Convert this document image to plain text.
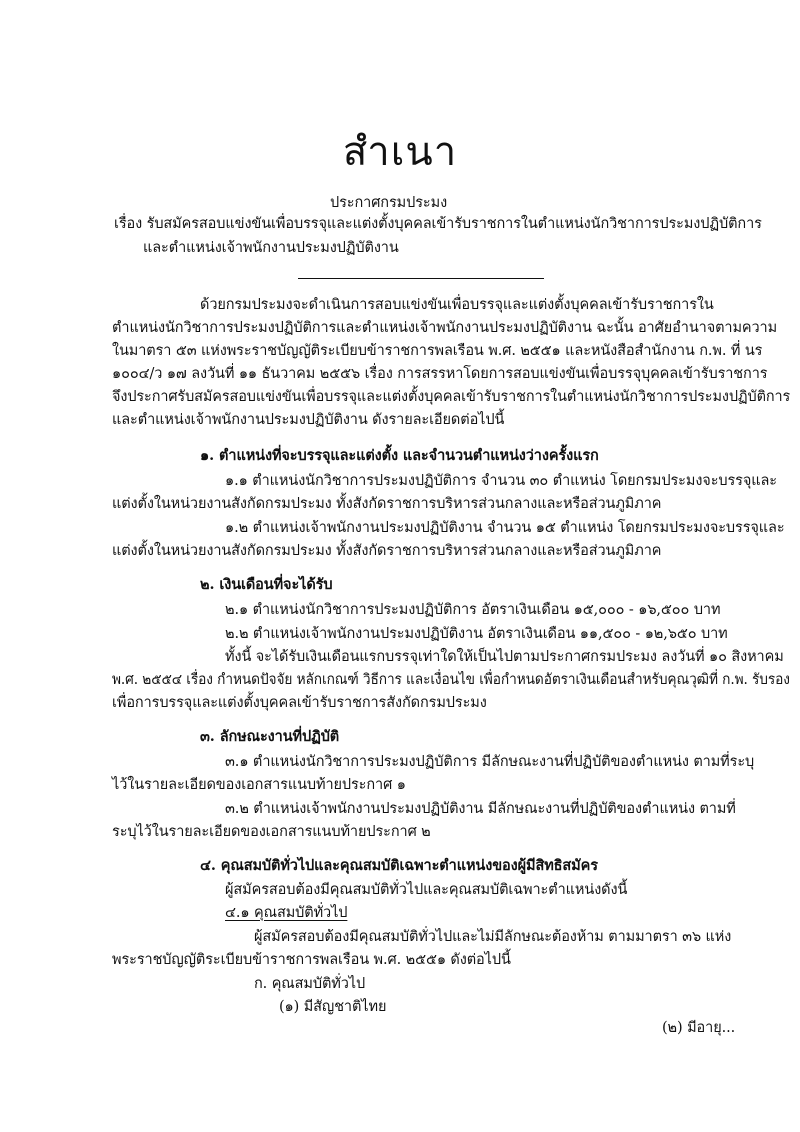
สำเนา

ประกาศกรมประมง

เรื่อง รับสมัครสอบแข่งขันเพื่อบรรจุและแต่งตั้งบุคคลเข้ารับราชการในตำแหน่งนักวิชาการประมงปฏิบัติการ

และตำแหน่งเจ้าพนักงานประมงปฏิบัติงาน

ด้วยกรมประมงจะดำเนินการสอบแข่งขันเพื่อบรรจุและแต่งตั้งบุคคลเข้ารับราชการใน

ตำแหน่งนักวิชาการประมงปฏิบัติการและตำแหน่งเจ้าพนักงานประมงปฏิบัติงาน ฉะนั้น อาศัยอำนาจตามความ

ในมาตรา ๕๓ แห่งพระราชบัญญัติระเบียบข้าราชการพลเรือน พ.ศ. ๒๕๕๑ และหนังสือสำนักงาน ก.พ. ที่ นร

๑๐๐๔/ว ๑๗ ลงวันที่ ๑๑ ธันวาคม ๒๕๕๖ เรื่อง การสรรหาโดยการสอบแข่งขันเพื่อบรรจุบุคคลเข้ารับราชการ

จึงประกาศรับสมัครสอบแข่งขันเพื่อบรรจุและแต่งตั้งบุคคลเข้ารับราชการในตำแหน่งนักวิชาการประมงปฏิบัติการ

และตำแหน่งเจ้าพนักงานประมงปฏิบัติงาน ดังรายละเอียดต่อไปนี้

๑. ตำแหน่งที่จะบรรจุและแต่งตั้ง และจำนวนตำแหน่งว่างครั้งแรก

๑.๑ ตำแหน่งนักวิชาการประมงปฏิบัติการ จำนวน ๓๐ ตำแหน่ง โดยกรมประมงจะบรรจุและ

แต่งตั้งในหน่วยงานสังกัดกรมประมง ทั้งสังกัดราชการบริหารส่วนกลางและหรือส่วนภูมิภาค

๑.๒ ตำแหน่งเจ้าพนักงานประมงปฏิบัติงาน จำนวน ๑๕ ตำแหน่ง โดยกรมประมงจะบรรจุและ

แต่งตั้งในหน่วยงานสังกัดกรมประมง ทั้งสังกัดราชการบริหารส่วนกลางและหรือส่วนภูมิภาค

๒. เงินเดือนที่จะได้รับ

๒.๑ ตำแหน่งนักวิชาการประมงปฏิบัติการ อัตราเงินเดือน ๑๕,๐๐๐ - ๑๖,๕๐๐ บาท

๒.๒ ตำแหน่งเจ้าพนักงานประมงปฏิบัติงาน อัตราเงินเดือน ๑๑,๕๐๐ - ๑๒,๖๕๐ บาท

ทั้งนี้ จะได้รับเงินเดือนแรกบรรจุเท่าใดให้เป็นไปตามประกาศกรมประมง ลงวันที่ ๑๐ สิงหาคม

พ.ศ. ๒๕๕๔ เรื่อง กำหนดปัจจัย หลักเกณฑ์ วิธีการ และเงื่อนไข เพื่อกำหนดอัตราเงินเดือนสำหรับคุณวุฒิที่ ก.พ. รับรอง

เพื่อการบรรจุและแต่งตั้งบุคคลเข้ารับราชการสังกัดกรมประมง

๓. ลักษณะงานที่ปฏิบัติ

๓.๑ ตำแหน่งนักวิชาการประมงปฏิบัติการ มีลักษณะงานที่ปฏิบัติของตำแหน่ง ตามที่ระบุ

ไว้ในรายละเอียดของเอกสารแนบท้ายประกาศ ๑

๓.๒ ตำแหน่งเจ้าพนักงานประมงปฏิบัติงาน มีลักษณะงานที่ปฏิบัติของตำแหน่ง ตามที่

ระบุไว้ในรายละเอียดของเอกสารแนบท้ายประกาศ ๒

๔. คุณสมบัติทั่วไปและคุณสมบัติเฉพาะตำแหน่งของผู้มีสิทธิสมัคร

ผู้สมัครสอบต้องมีคุณสมบัติทั่วไปและคุณสมบัติเฉพาะตำแหน่งดังนี้

๔.๑ คุณสมบัติทั่วไป

ผู้สมัครสอบต้องมีคุณสมบัติทั่วไปและไม่มีลักษณะต้องห้าม ตามมาตรา ๓๖ แห่ง

พระราชบัญญัติระเบียบข้าราชการพลเรือน พ.ศ. ๒๕๕๑ ดังต่อไปนี้

ก. คุณสมบัติทั่วไป

(๑) มีสัญชาติไทย

(๒) มีอายุ...
